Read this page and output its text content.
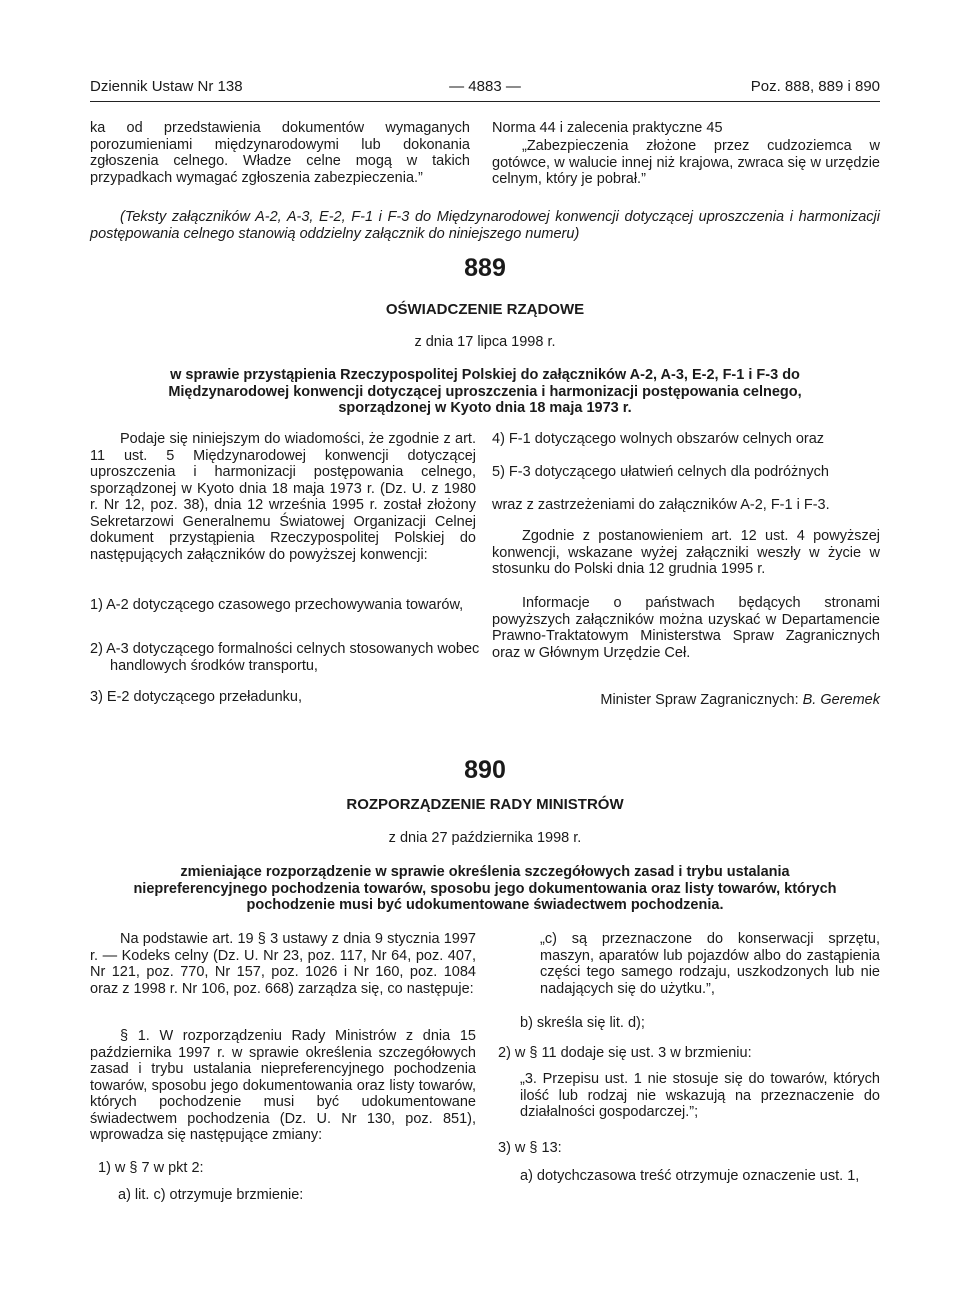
Dziennik Ustaw Nr 138	— 4883 —	Poz. 888, 889 i 890

ka od przedstawienia dokumentów wymaganych porozumieniami międzynarodowymi lub dokonania zgłoszenia celnego. Władze celne mogą w takich przypadkach wymagać zgłoszenia zabezpieczenia.”

Norma 44 i zalecenia praktyczne 45

„Zabezpieczenia złożone przez cudzoziemca w gotówce, w walucie innej niż krajowa, zwraca się w urzędzie celnym, który je pobrał.”

(Teksty załączników A-2, A-3, E-2, F-1 i F-3 do Międzynarodowej konwencji dotyczącej uproszczenia i harmonizacji postępowania celnego stanowią oddzielny załącznik do niniejszego numeru)

889
OŚWIADCZENIE RZĄDOWE
z dnia 17 lipca 1998 r.

w sprawie przystąpienia Rzeczypospolitej Polskiej do załączników A-2, A-3, E-2, F-1 i F-3 do Międzynarodowej konwencji dotyczącej uproszczenia i harmonizacji postępowania celnego, sporządzonej w Kyoto dnia 18 maja 1973 r.

Podaje się niniejszym do wiadomości, że zgodnie z art. 11 ust. 5 Międzynarodowej konwencji dotyczącej uproszczenia i harmonizacji postępowania celnego, sporządzonej w Kyoto dnia 18 maja 1973 r. (Dz. U. z 1980 r. Nr 12, poz. 38), dnia 12 września 1995 r. został złożony Sekretarzowi Generalnemu Światowej Organizacji Celnej dokument przystąpienia Rzeczypospolitej Polskiej do następujących załączników do powyższej konwencji:

1) A-2 dotyczącego czasowego przechowywania towarów,

2) A-3 dotyczącego formalności celnych stosowanych wobec handlowych środków transportu,

3) E-2 dotyczącego przeładunku,

4) F-1 dotyczącego wolnych obszarów celnych oraz

5) F-3 dotyczącego ułatwień celnych dla podróżnych

wraz z zastrzeżeniami do załączników A-2, F-1 i F-3.

Zgodnie z postanowieniem art. 12 ust. 4 powyższej konwencji, wskazane wyżej załączniki weszły w życie w stosunku do Polski dnia 12 grudnia 1995 r.

Informacje o państwach będących stronami powyższych załączników można uzyskać w Departamencie Prawno-Traktatowym Ministerstwa Spraw Zagranicznych oraz w Głównym Urzędzie Ceł.

Minister Spraw Zagranicznych: B. Geremek
890
ROZPORZĄDZENIE RADY MINISTRÓW
z dnia 27 października 1998 r.

zmieniające rozporządzenie w sprawie określenia szczegółowych zasad i trybu ustalania niepreferencyjnego pochodzenia towarów, sposobu jego dokumentowania oraz listy towarów, których pochodzenie musi być udokumentowane świadectwem pochodzenia.

Na podstawie art. 19 § 3 ustawy z dnia 9 stycznia 1997 r. — Kodeks celny (Dz. U. Nr 23, poz. 117, Nr 64, poz. 407, Nr 121, poz. 770, Nr 157, poz. 1026 i Nr 160, poz. 1084 oraz z 1998 r. Nr 106, poz. 668) zarządza się, co następuje:

§ 1. W rozporządzeniu Rady Ministrów z dnia 15 października 1997 r. w sprawie określenia szczegółowych zasad i trybu ustalania niepreferencyjnego pochodzenia towarów, sposobu jego dokumentowania oraz listy towarów, których pochodzenie musi być udokumentowane świadectwem pochodzenia (Dz. U. Nr 130, poz. 851), wprowadza się następujące zmiany:

1) w § 7 w pkt 2:

a) lit. c) otrzymuje brzmienie:

„c) są przeznaczone do konserwacji sprzętu, maszyn, aparatów lub pojazdów albo do zastąpienia części tego samego rodzaju, uszkodzonych lub nie nadających się do użytku.”,

b) skreśla się lit. d);

2) w § 11 dodaje się ust. 3 w brzmieniu:

„3. Przepisu ust. 1 nie stosuje się do towarów, których ilość lub rodzaj nie wskazują na przeznaczenie do działalności gospodarczej.”;

3) w § 13:

a) dotychczasowa treść otrzymuje oznaczenie ust. 1,
